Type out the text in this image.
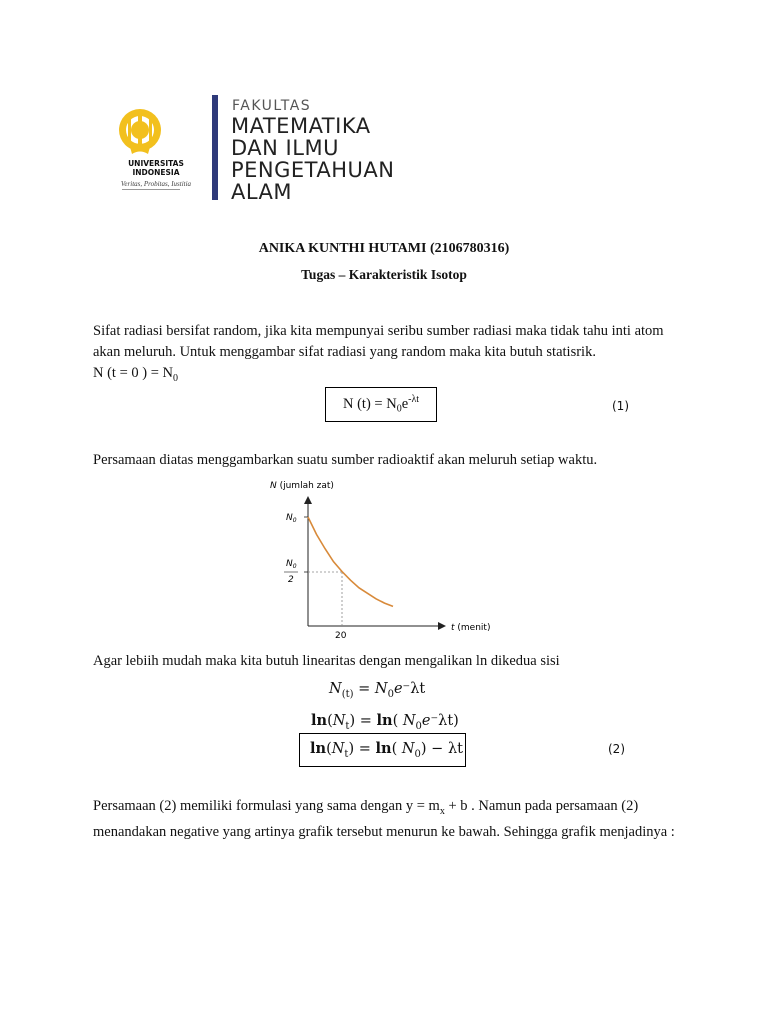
UNIVERSITAS INDONESIA
Veritas, Probitas, Iustitia
FAKULTAS
MATEMATIKA
DAN ILMU
PENGETAHUAN
ALAM
ANIKA KUNTHI HUTAMI (2106780316)
Tugas – Karakteristik Isotop
Sifat radiasi bersifat random, jika kita mempunyai seribu sumber radiasi maka tidak tahu inti atom akan meluruh. Untuk menggambar sifat radiasi yang random maka kita butuh statisrik.
N (t = 0 ) = $N_0$
N $(t) = N_0e^{-\lambda t}$	(1)
Persamaan diatas menggambarkan suatu sumber radioaktif akan meluruh setiap waktu.
N (jumlah zat)
$N_0$
$N_0$
2
20
t (menit)
Agar lebiih mudah maka kita butuh linearitas dengan mengalikan ln dikedua sisi
$N_{(t)} = N_0e^-\lambda t$
$\ln(N_t) = \ln$( $N_0e^-\lambda t$)
$\ln(N_t) = \ln$( $N_0) - \lambda t$	(2)
Persamaan (2) memiliki formulasi yang sama dengan $y = m_x + b$ . Namun pada persamaan (2) menandakan negative yang artinya grafik tersebut menurun ke bawah. Sehingga grafik menjadinya :
